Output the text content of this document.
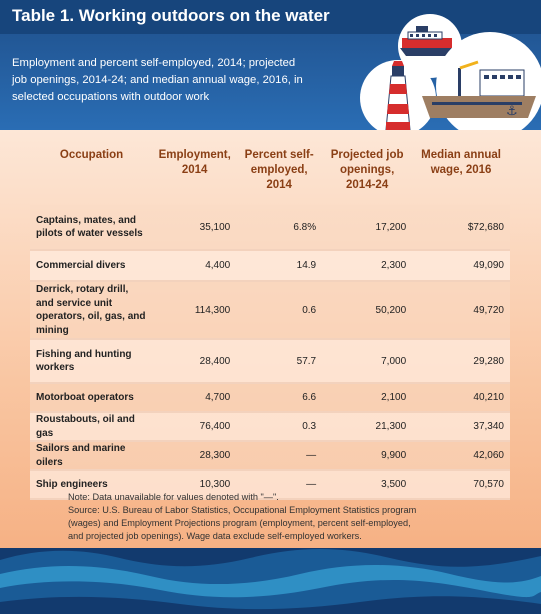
Table 1. Working outdoors on the water
Employment and percent self-employed, 2014; projected job openings, 2014-24; and median annual wage, 2016, in selected occupations with outdoor work
⚓
Occupation	Employment, 2014	Percent self-employed, 2014	Projected job openings, 2014-24	Median annual wage, 2016
Captains, mates, and pilots of water vessels	35,100	6.8%	17,200	$72,680
Commercial divers	4,400	14.9	2,300	49,090
Derrick, rotary drill, and service unit operators, oil, gas, and mining	114,300	0.6	50,200	49,720
Fishing and hunting workers	28,400	57.7	7,000	29,280
Motorboat operators	4,700	6.6	2,100	40,210
Roustabouts, oil and gas	76,400	0.3	21,300	37,340
Sailors and marine oilers	28,300	—	9,900	42,060
Ship engineers	10,300	—	3,500	70,570
Note: Data unavailable for values denoted with "—".
Source: U.S. Bureau of Labor Statistics, Occupational Employment Statistics program
(wages) and Employment Projections program (employment, percent self-employed,
and projected job openings). Wage data exclude self-employed workers.
